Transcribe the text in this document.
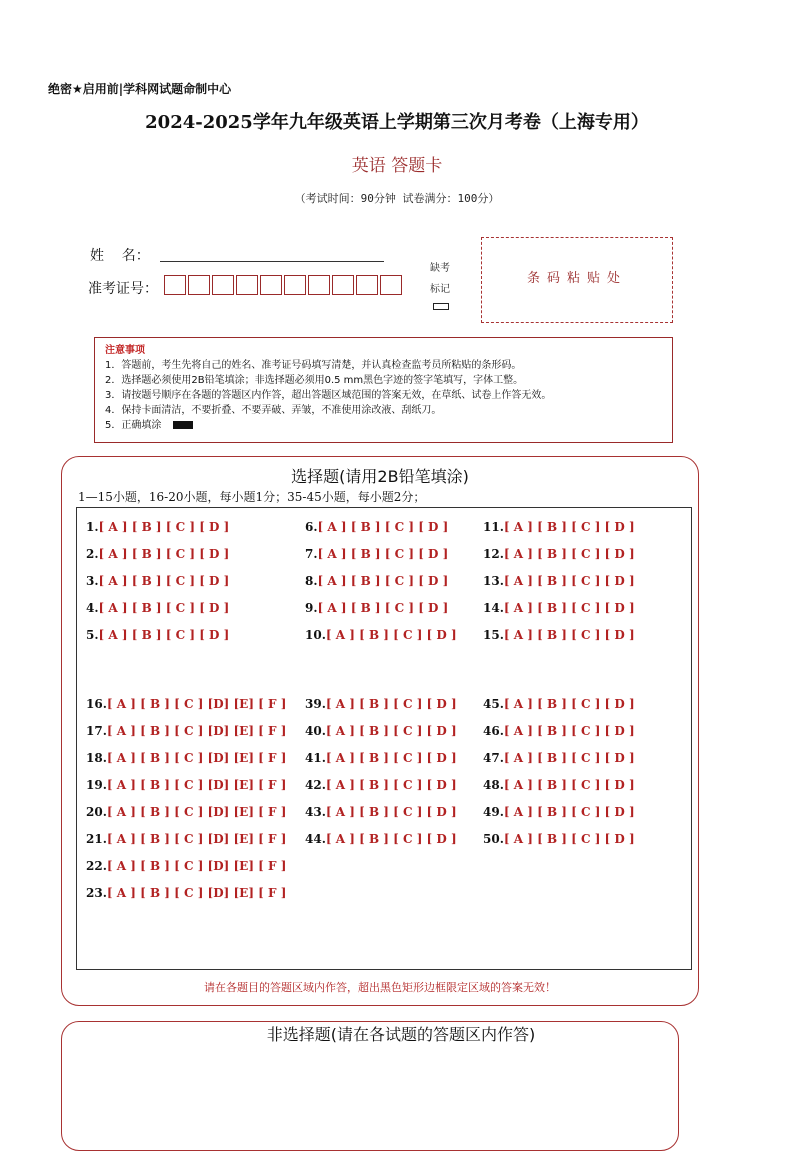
绝密★启用前|学科网试题命制中心
2024-2025学年九年级英语上学期第三次月考卷（上海专用）
英语 答题卡
（考试时间：90分钟 试卷满分：100分）
姓    名：
准考证号：
缺考
标记
条码粘贴处
注意事项
1．答题前，考生先将自己的姓名、准考证号码填写清楚，并认真检查监考员所粘贴的条形码。
2．选择题必须使用2B铅笔填涂；非选择题必须用0.5 mm黑色字迹的签字笔填写，字体工整。
3．请按题号顺序在各题的答题区内作答，超出答题区域范围的答案无效，在草纸、试卷上作答无效。
4．保持卡面清洁，不要折叠、不要弄破、弄皱，不准使用涂改液、刮纸刀。
5．正确填涂
选择题(请用2B铅笔填涂)
1—15小题，16-20小题，每小题1分；35-45小题，每小题2分；
1.[ A ] [ B ] [ C ] [ D ]
2.[ A ] [ B ] [ C ] [ D ]
3.[ A ] [ B ] [ C ] [ D ]
4.[ A ] [ B ] [ C ] [ D ]
5.[ A ] [ B ] [ C ] [ D ]
6.[ A ] [ B ] [ C ] [ D ]
7.[ A ] [ B ] [ C ] [ D ]
8.[ A ] [ B ] [ C ] [ D ]
9.[ A ] [ B ] [ C ] [ D ]
10.[ A ] [ B ] [ C ] [ D ]
11.[ A ] [ B ] [ C ] [ D ]
12.[ A ] [ B ] [ C ] [ D ]
13.[ A ] [ B ] [ C ] [ D ]
14.[ A ] [ B ] [ C ] [ D ]
15.[ A ] [ B ] [ C ] [ D ]
16.[ A ] [ B ] [ C ] [D] [E] [ F ]
17.[ A ] [ B ] [ C ] [D] [E] [ F ]
18.[ A ] [ B ] [ C ] [D] [E] [ F ]
19.[ A ] [ B ] [ C ] [D] [E] [ F ]
20.[ A ] [ B ] [ C ] [D] [E] [ F ]
21.[ A ] [ B ] [ C ] [D] [E] [ F ]
22.[ A ] [ B ] [ C ] [D] [E] [ F ]
23.[ A ] [ B ] [ C ] [D] [E] [ F ]
39.[ A ] [ B ] [ C ] [ D ]
40.[ A ] [ B ] [ C ] [ D ]
41.[ A ] [ B ] [ C ] [ D ]
42.[ A ] [ B ] [ C ] [ D ]
43.[ A ] [ B ] [ C ] [ D ]
44.[ A ] [ B ] [ C ] [ D ]
45.[ A ] [ B ] [ C ] [ D ]
46.[ A ] [ B ] [ C ] [ D ]
47.[ A ] [ B ] [ C ] [ D ]
48.[ A ] [ B ] [ C ] [ D ]
49.[ A ] [ B ] [ C ] [ D ]
50.[ A ] [ B ] [ C ] [ D ]
请在各题目的答题区域内作答，超出黑色矩形边框限定区域的答案无效！
非选择题(请在各试题的答题区内作答)
